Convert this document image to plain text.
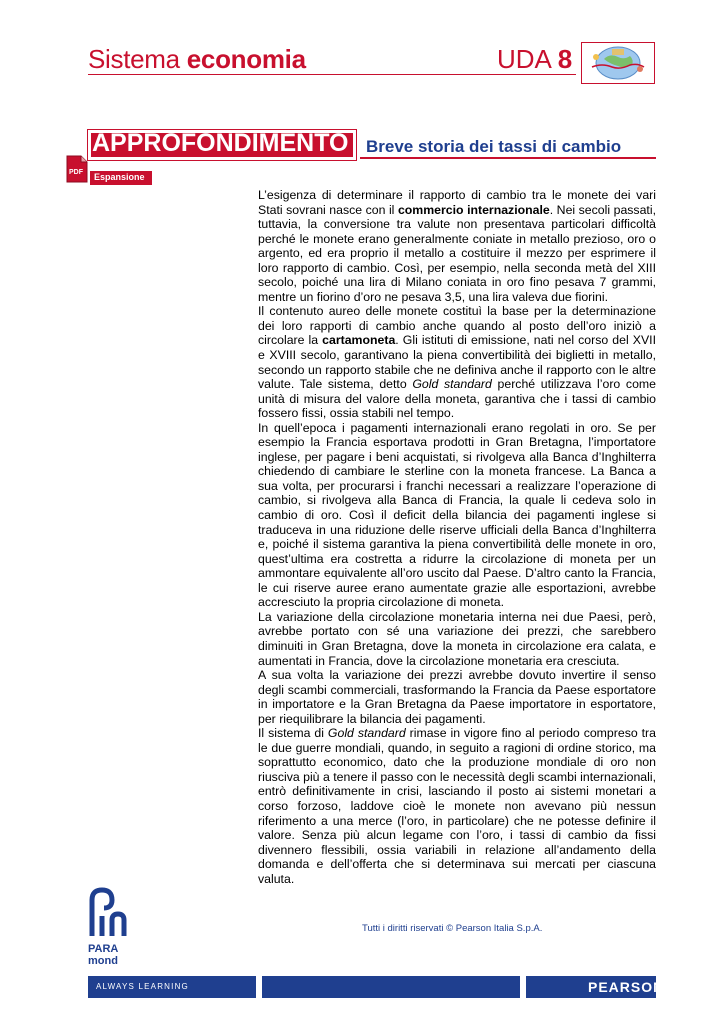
Sistema economia	UDA 8
APPROFONDIMENTO Breve storia dei tassi di cambio
PDF Espansione

L’esigenza di determinare il rapporto di cambio tra le monete dei vari Stati sovrani nasce con il commercio internazionale. Nei secoli passati, tuttavia, la conversione tra valute non presentava particolari difficoltà perché le monete erano generalmente coniate in metallo prezioso, oro o argento, ed era proprio il metallo a costituire il mezzo per esprimere il loro rapporto di cambio. Così, per esempio, nella seconda metà del XIII secolo, poiché una lira di Milano coniata in oro fino pesava 7 grammi, mentre un fiorino d’oro ne pesava 3,5, una lira valeva due fiorini.

Il contenuto aureo delle monete costituì la base per la determinazione dei loro rapporti di cambio anche quando al posto dell’oro iniziò a circolare la cartamoneta. Gli istituti di emissione, nati nel corso del XVII e XVIII secolo, garantivano la piena convertibilità dei biglietti in metallo, secondo un rapporto stabile che ne definiva anche il rapporto con le altre valute. Tale sistema, detto Gold standard perché utilizzava l’oro come unità di misura del valore della moneta, garantiva che i tassi di cambio fossero fissi, ossia stabili nel tempo.

In quell’epoca i pagamenti internazionali erano regolati in oro. Se per esempio la Francia esportava prodotti in Gran Bretagna, l’importatore inglese, per pagare i beni acquistati, si rivolgeva alla Banca d’Inghilterra chiedendo di cambiare le sterline con la moneta francese. La Banca a sua volta, per procurarsi i franchi necessari a realizzare l’operazione di cambio, si rivolgeva alla Banca di Francia, la quale li cedeva solo in cambio di oro. Così il deficit della bilancia dei pagamenti inglese si traduceva in una riduzione delle riserve ufficiali della Banca d’Inghilterra e, poiché il sistema garantiva la piena convertibilità delle monete in oro, quest’ultima era costretta a ridurre la circolazione di moneta per un ammontare equivalente all’oro uscito dal Paese. D’altro canto la Francia, le cui riserve auree erano aumentate grazie alle esportazioni, avrebbe accresciuto la propria circolazione di moneta.

La variazione della circolazione monetaria interna nei due Paesi, però, avrebbe portato con sé una variazione dei prezzi, che sarebbero diminuiti in Gran Bretagna, dove la moneta in circolazione era calata, e aumentati in Francia, dove la circolazione monetaria era cresciuta.

A sua volta la variazione dei prezzi avrebbe dovuto invertire il senso degli scambi commerciali, trasformando la Francia da Paese esportatore in importatore e la Gran Bretagna da Paese importatore in esportatore, per riequilibrare la bilancia dei pagamenti.

Il sistema di Gold standard rimase in vigore fino al periodo compreso tra le due guerre mondiali, quando, in seguito a ragioni di ordine storico, ma soprattutto economico, dato che la produzione mondiale di oro non riusciva più a tenere il passo con le necessità degli scambi internazionali, entrò definitivamente in crisi, lasciando il posto ai sistemi monetari a corso forzoso, laddove cioè le monete non avevano più nessun riferimento a una merce (l’oro, in particolare) che ne potesse definire il valore. Senza più alcun legame con l’oro, i tassi di cambio da fissi divennero flessibili, ossia variabili in relazione all’andamento della domanda e dell’offerta che si determinava sui mercati per ciascuna valuta.

Tutti i diritti riservati © Pearson Italia S.p.A.
PARA
mond
ALWAYS LEARNING	PEARSON
